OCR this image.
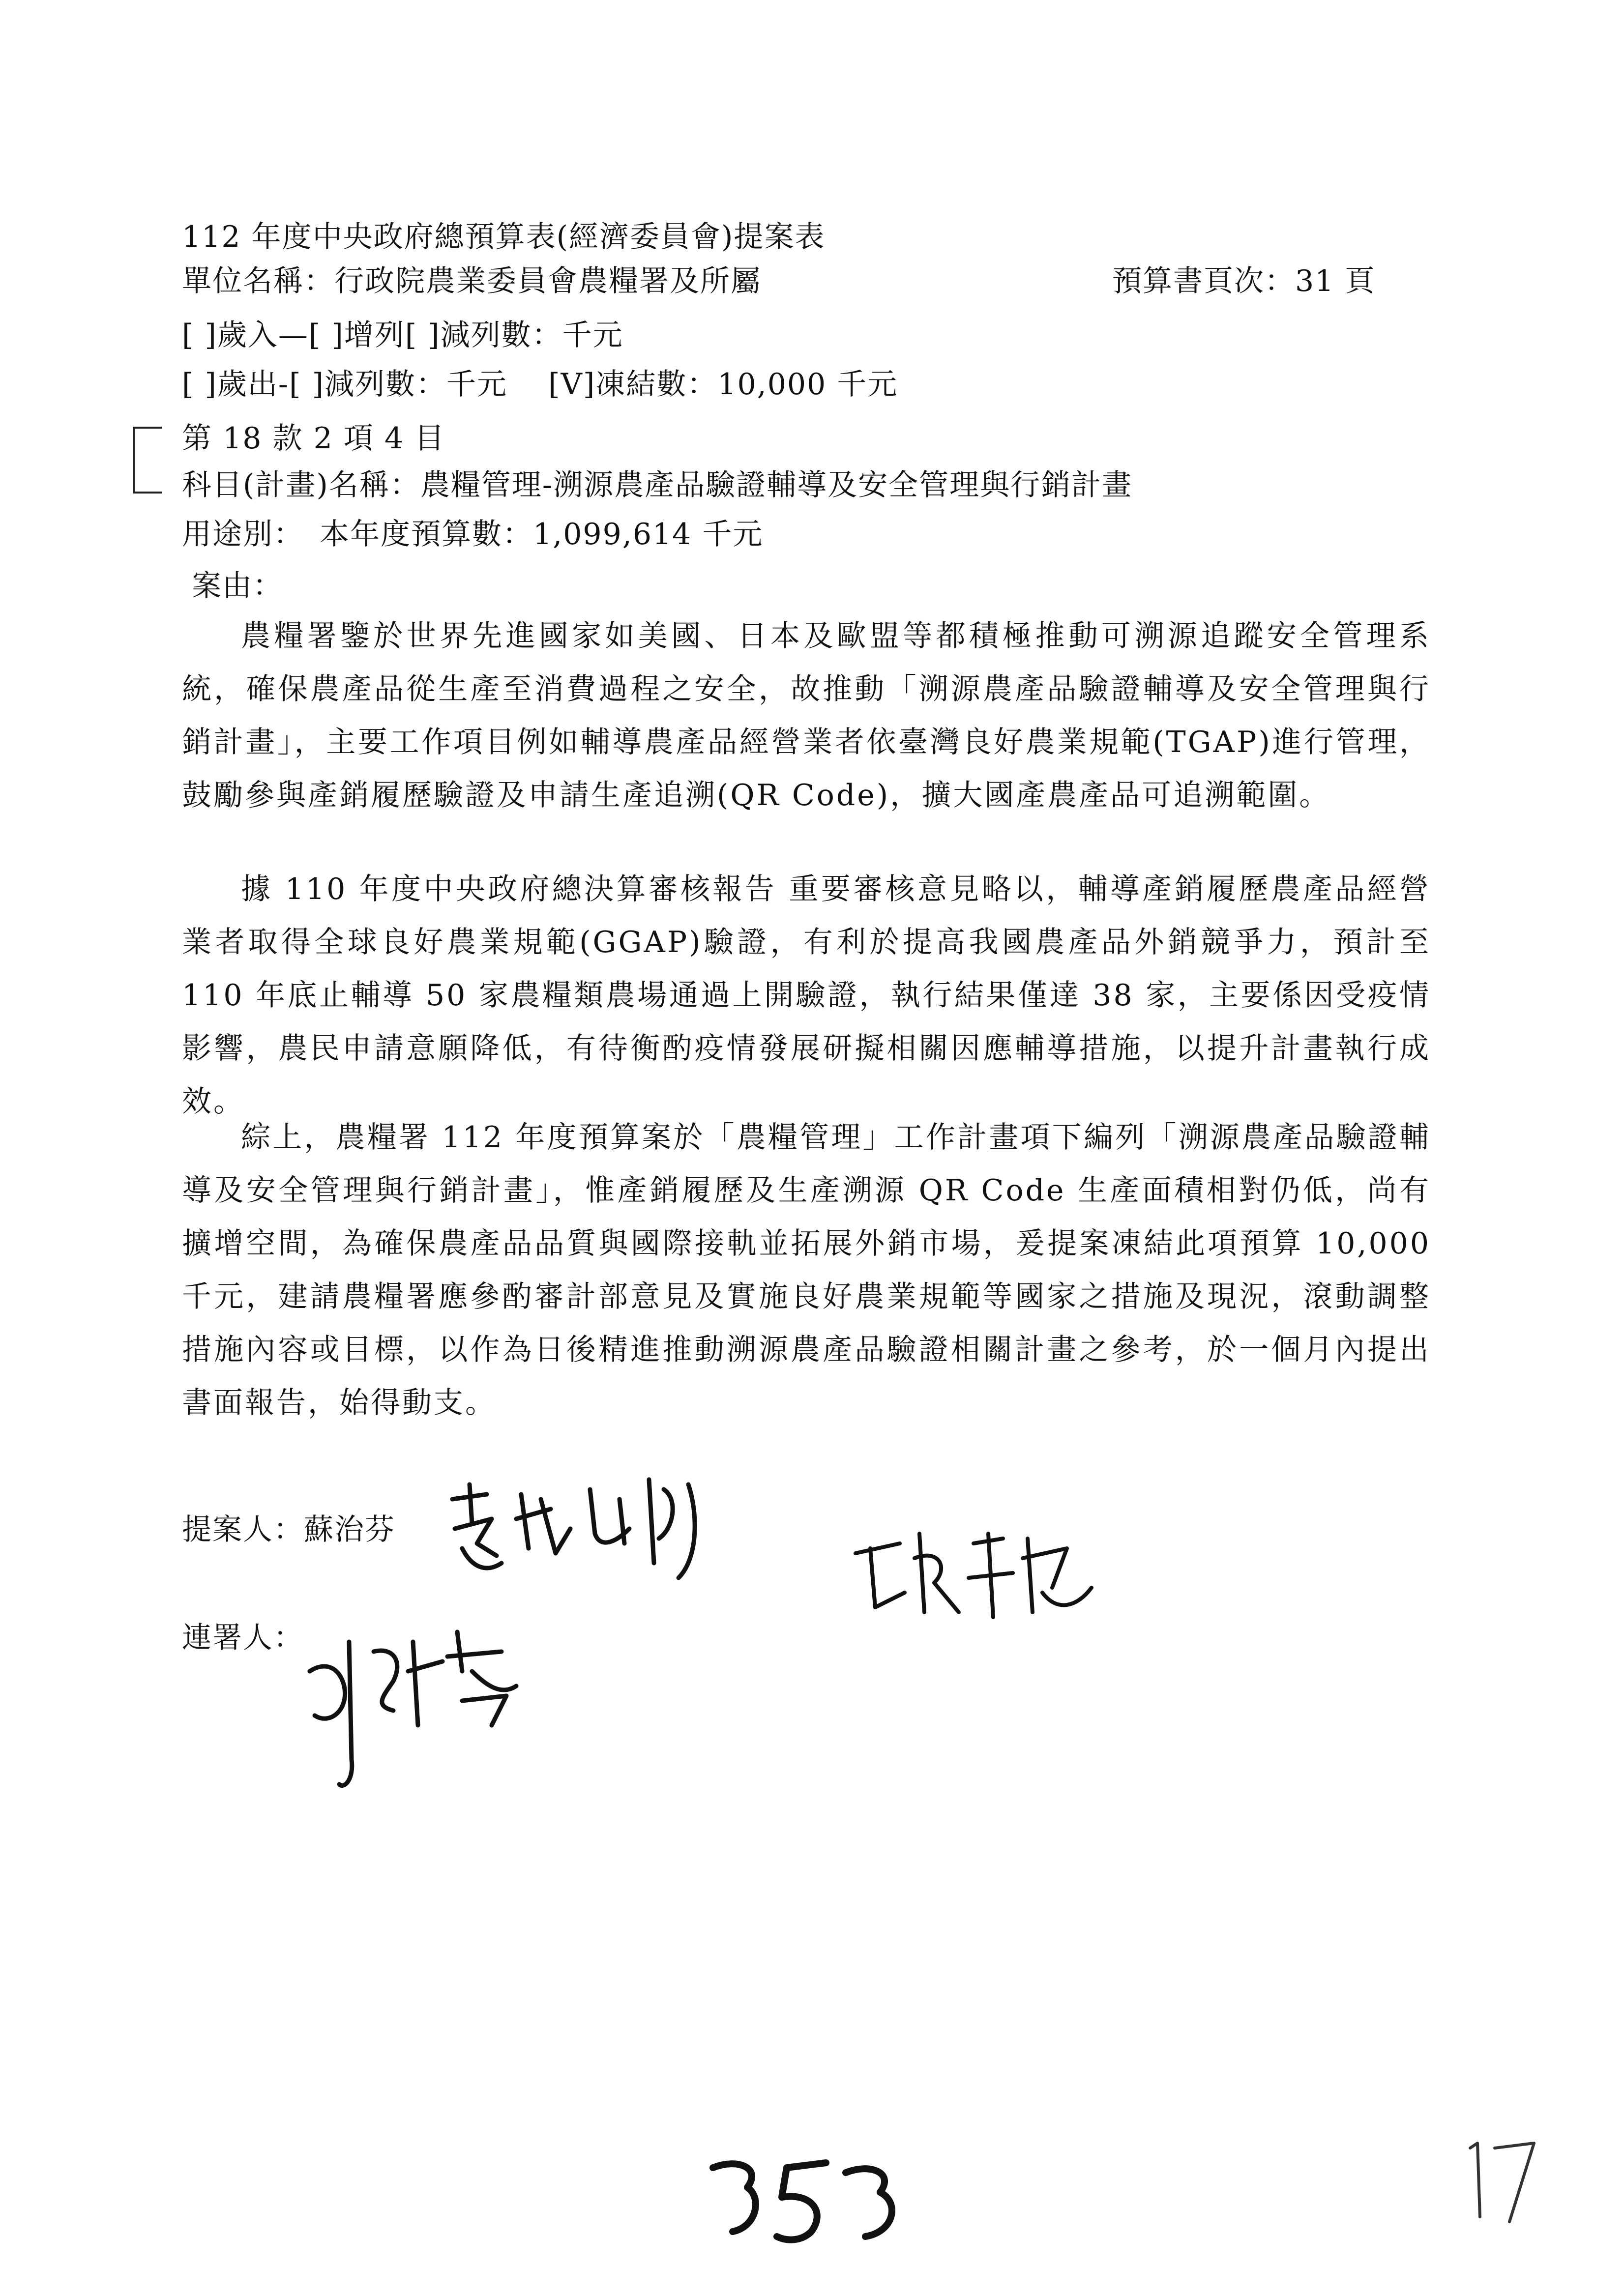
112 年度中央政府總預算表(經濟委員會)提案表
單位名稱：行政院農業委員會農糧署及所屬	預算書頁次：31 頁
[ ]歲入—[ ]增列[ ]減列數：千元
[ ]歲出-[ ]減列數：千元　 [V]凍結數：10,000 千元
第 18 款 2 項 4 目
科目(計畫)名稱：農糧管理-溯源農產品驗證輔導及安全管理與行銷計畫
用途別：　本年度預算數：1,099,614 千元
案由：
農糧署鑒於世界先進國家如美國、日本及歐盟等都積極推動可溯源追蹤安全管理系統，確保農產品從生產至消費過程之安全，故推動「溯源農產品驗證輔導及安全管理與行銷計畫」，主要工作項目例如輔導農產品經營業者依臺灣良好農業規範(TGAP)進行管理，鼓勵參與產銷履歷驗證及申請生產追溯(QR Code)，擴大國產農產品可追溯範圍。
據 110 年度中央政府總決算審核報告 重要審核意見略以，輔導產銷履歷農產品經營業者取得全球良好農業規範(GGAP)驗證，有利於提高我國農產品外銷競爭力，預計至 110 年底止輔導 50 家農糧類農場通過上開驗證，執行結果僅達 38 家，主要係因受疫情影響，農民申請意願降低，有待衡酌疫情發展研擬相關因應輔導措施，以提升計畫執行成效。
綜上，農糧署 112 年度預算案於「農糧管理」工作計畫項下編列「溯源農產品驗證輔導及安全管理與行銷計畫」，惟產銷履歷及生產溯源 QR Code 生產面積相對仍低，尚有擴增空間，為確保農產品品質與國際接軌並拓展外銷市場，爰提案凍結此項預算 10,000 千元，建請農糧署應參酌審計部意見及實施良好農業規範等國家之措施及現況，滾動調整措施內容或目標，以作為日後精進推動溯源農產品驗證相關計畫之參考，於一個月內提出書面報告，始得動支。
提案人：蘇治芬
連署人：
353
